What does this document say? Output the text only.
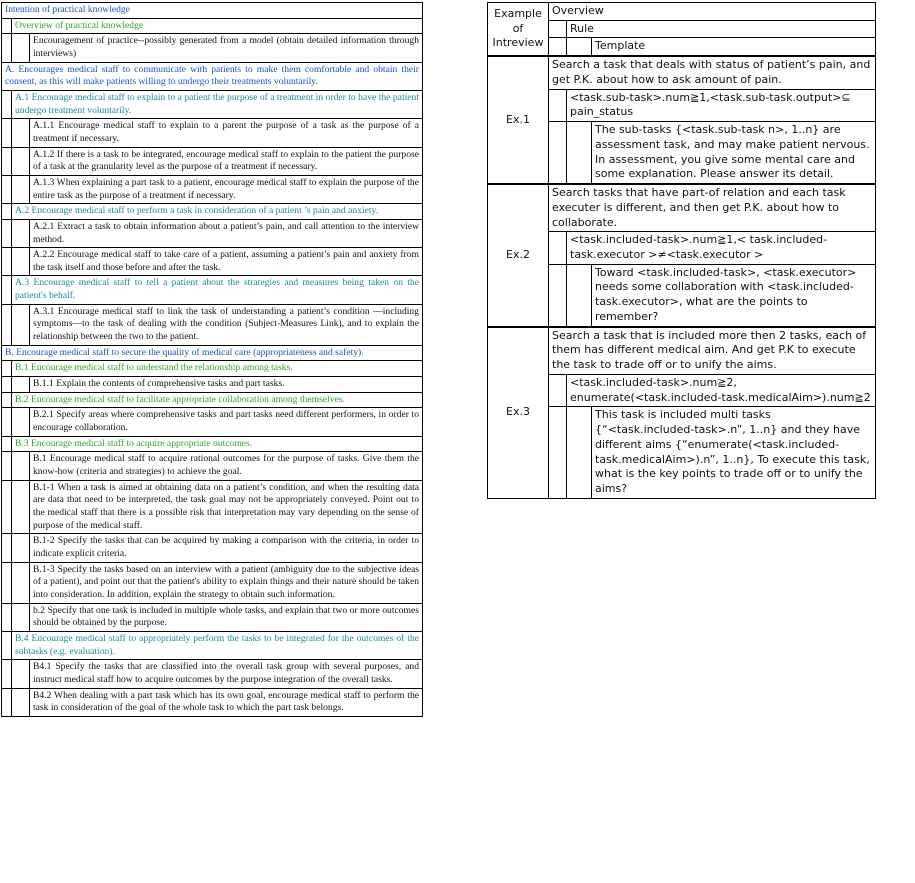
Intention of practical knowledge
Overview of practical knowledge
Encouragement of practice--possibly generated from a model (obtain detailed information through interviews)
A. Encourages medical staff to communicate with patients to make them comfortable and obtain their consent, as this will make patients willing to undergo their treatments voluntarily.
A.1 Encourage medical staff to explain to a patient the purpose of a treatment in order to have the patient undergo treatment voluntarily.
A.1.1 Encourage medical staff to explain to a parent the purpose of a task as the purpose of a treatment if necessary.
A.1.2 If there is a task to be integrated, encourage medical staff to explain to the patient the purpose of a task at the granularity level as the purpose of a treatment if necessary.
A.1.3 When explaining a part task to a patient, encourage medical staff to explain the purpose of the entire task as the purpose of a treatment if necessary.
A.2 Encourage medical staff to perform a task in consideration of a patient ’s pain and anxiety.
A.2.1 Extract a task to obtain information about a patient’s pain, and call attention to the interview method.
A.2.2 Encourage medical staff to take care of a patient, assuming a patient’s pain and anxiety from the task itself and those before and after the task.
A.3 Encourage medical staff to tell a patient about the strategies and measures being taken on the patient's behalf.
A.3.1 Encourage medical staff to link the task of understanding a patient’s condition —including symptoms—to the task of dealing with the condition (Subject-Measures Link), and to explain the relationship between the two to the patient.
B. Encourage medical staff to secure the quality of medical care (appropriateness and safety).
B.1 Encourage medical staff to understand the relationship among tasks.
B.1.1 Explain the contents of comprehensive tasks and part tasks.
B.2 Encourage medical staff to facilitate appropriate collaboration among themselves.
B.2.1 Specify areas where comprehensive tasks and part tasks need different performers, in order to encourage collaboration.
B.3 Encourage medical staff to acquire appropriate outcomes.
B.1 Encourage medical staff to acquire rational outcomes for the purpose of tasks. Give them the know-how (criteria and strategies) to achieve the goal.
B.1-1 When a task is aimed at obtaining data on a patient’s condition, and when the resulting data are data that need to be interpreted, the task goal may not be appropriately conveyed. Point out to the medical staff that there is a possible risk that interpretation may vary depending on the sense of purpose of the medical staff.
B.1-2 Specify the tasks that can be acquired by making a comparison with the criteria, in order to indicate explicit criteria.
B.1-3 Specify the tasks based on an interview with a patient (ambiguity due to the subjective ideas of a patient), and point out that the patient's ability to explain things and their nature should be taken into consideration. In addition, explain the strategy to obtain such information.
b.2 Specify that one task is included in multiple whole tasks, and explain that two or more outcomes should be obtained by the purpose.
B.4 Encourage medical staff to appropriately perform the tasks to be integrated for the outcomes of the subtasks (e.g. evaluation).
B4.1 Specify the tasks that are classified into the overall task group with several purposes, and instruct medical staff how to acquire outcomes by the purpose integration of the overall tasks.
B4.2 When dealing with a part task which has its own goal, encourage medical staff to perform the task in consideration of the goal of the whole task to which the part task belongs.
Example of Intreview
Overview
Rule
Template
Ex.1
Search a task that deals with status of patient’s pain, and get P.K. about how to ask amount of pain.
<task.sub-task>.num≧1,<task.sub-task.output>⊆ pain_status
The sub-tasks {<task.sub-task n>, 1..n} are assessment task, and may make patient nervous. In assessment, you give some mental care and some explanation. Please answer its detail.
Ex.2
Search tasks that have part-of relation and each task executer is different, and then get P.K. about how to collaborate.
<task.included-task>.num≧1,< task.included-task.executor >≠<task.executor >
Toward <task.included-task>, <task.executor> needs some collaboration with <task.included-task.executor>, what are the points to remember?
Ex.3
Search a task that is included more then 2 tasks, each of them has different medical aim. And get P.K to execute the task to trade off or to unify the aims.
<task.included-task>.num≧2, enumerate(<task.included-task.medicalAim>).num≧2
This task is included multi tasks {“<task.included-task>.n”, 1..n} and they have different aims {“enumerate(<task.included-task.medicalAim>).n”, 1..n}, To execute this task, what is the key points to trade off or to unify the aims?
